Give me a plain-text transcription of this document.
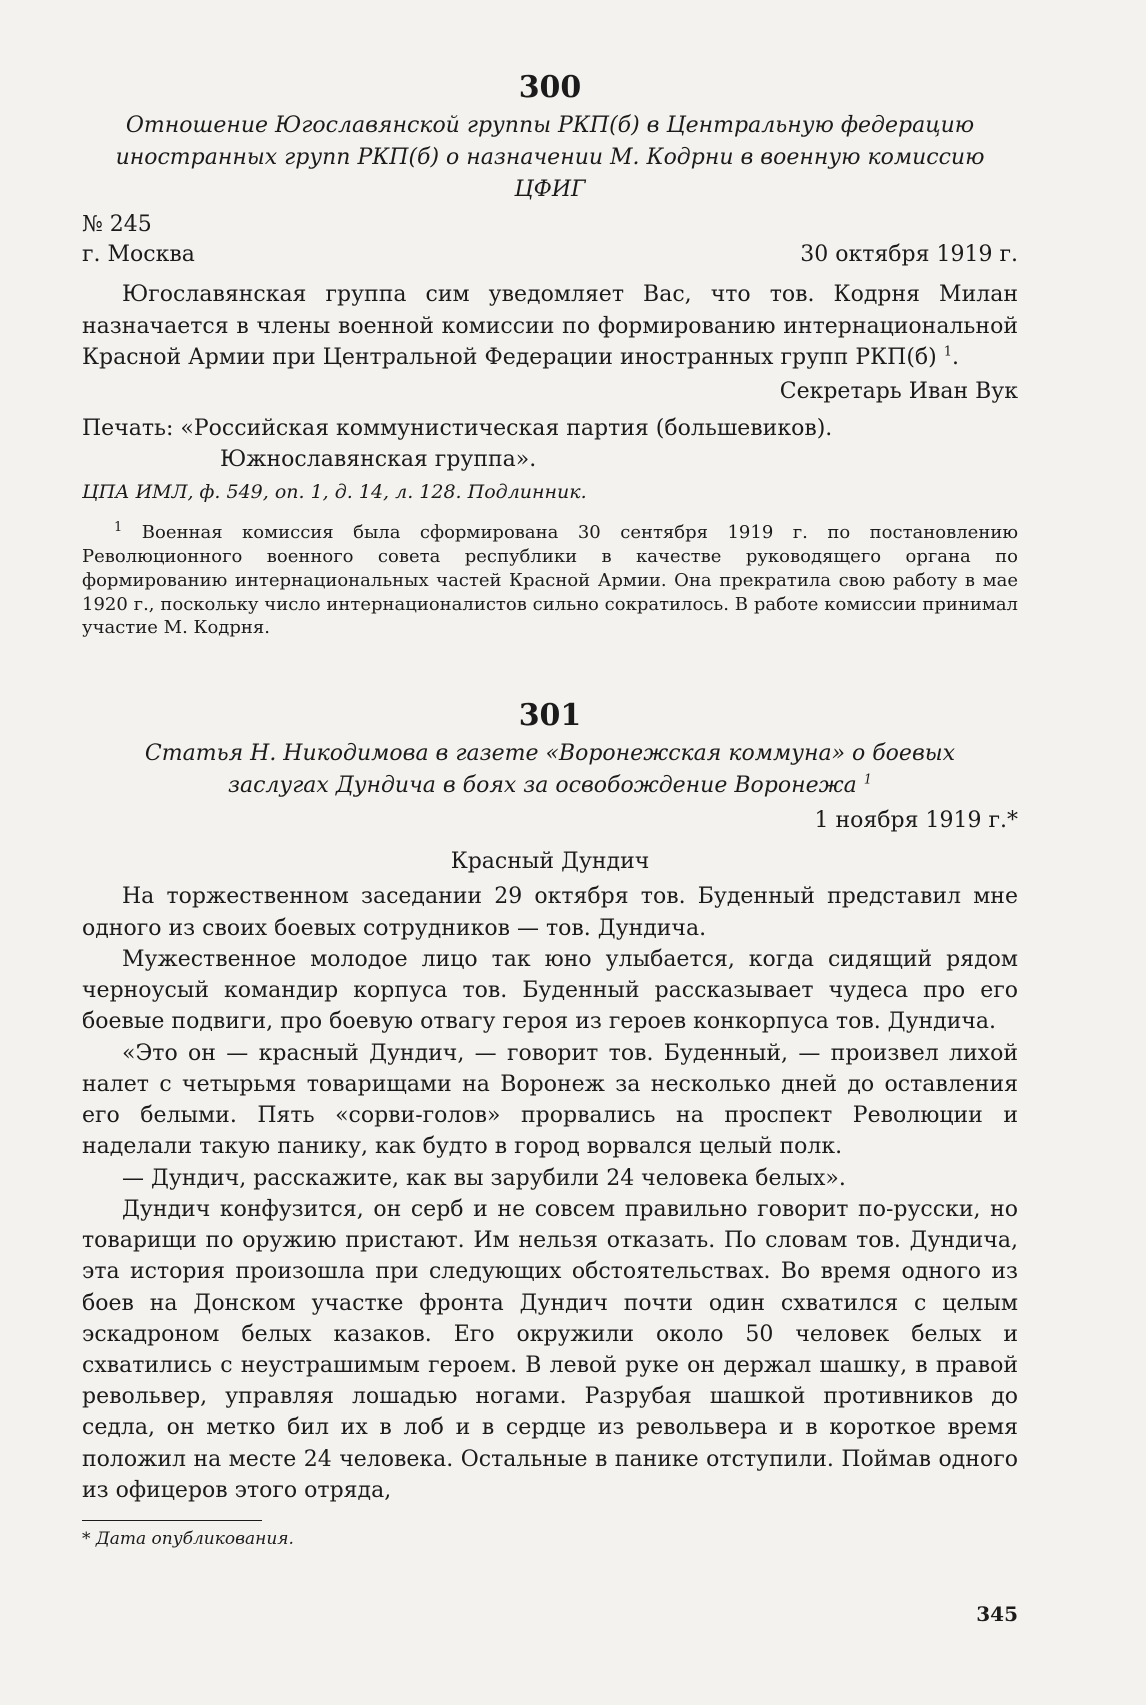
300
Отношение Югославянской группы РКП(б) в Центральную федерацию иностранных групп РКП(б) о назначении М. Кодрни в военную комиссию ЦФИГ
№ 245
г. Москва	30 октября 1919 г.

Югославянская группа сим уведомляет Вас, что тов. Кодрня Милан назначается в члены военной комиссии по формированию интернациональной Красной Армии при Центральной Федерации иностранных групп РКП(б) $^1$.

Секретарь Иван Вук
Печать: «Российская коммунистическая партия (большевиков). Южнославянская группа».
ЦПА ИМЛ, ф. 549, оп. 1, д. 14, л. 128. Подлинник.

$^1$ Военная комиссия была сформирована 30 сентября 1919 г. по постановлению Революционного военного совета республики в качестве руководящего органа по формированию интернациональных частей Красной Армии. Она прекратила свою работу в мае 1920 г., поскольку число интернационалистов сильно сократилось. В работе комиссии принимал участие М. Кодрня.

301
Статья Н. Никодимова в газете «Воронежская коммуна» о боевых заслугах Дундича в боях за освобождение Воронежа $^1$
1 ноября 1919 г.*
Красный Дундич

На торжественном заседании 29 октября тов. Буденный представил мне одного из своих боевых сотрудников — тов. Дундича.

Мужественное молодое лицо так юно улыбается, когда сидящий рядом черноусый командир корпуса тов. Буденный рассказывает чудеса про его боевые подвиги, про боевую отвагу героя из героев конкорпуса тов. Дундича.

«Это он — красный Дундич, — говорит тов. Буденный, — произвел лихой налет с четырьмя товарищами на Воронеж за несколько дней до оставления его белыми. Пять «сорви-голов» прорвались на проспект Революции и наделали такую панику, как будто в город ворвался целый полк.

— Дундич, расскажите, как вы зарубили 24 человека белых».

Дундич конфузится, он серб и не совсем правильно говорит по-русски, но товарищи по оружию пристают. Им нельзя отказать. По словам тов. Дундича, эта история произошла при следующих обстоятельствах. Во время одного из боев на Донском участке фронта Дундич почти один схватился с целым эскадроном белых казаков. Его окружили около 50 человек белых и схватились с неустрашимым героем. В левой руке он держал шашку, в правой револьвер, управляя лошадью ногами. Разрубая шашкой противников до седла, он метко бил их в лоб и в сердце из револьвера и в короткое время положил на месте 24 человека. Остальные в панике отступили. Поймав одного из офицеров этого отряда,

* Дата опубликования.

345
